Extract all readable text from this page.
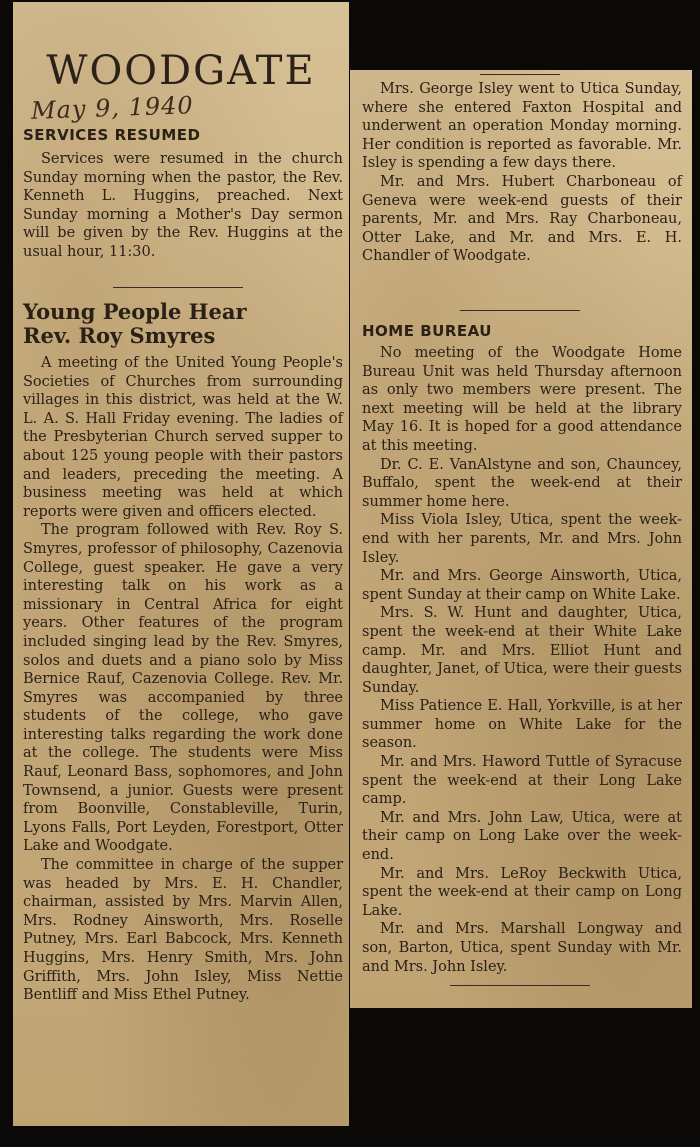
WOODGATE
May 9, 1940
SERVICES RESUMED

Services were resumed in the church Sunday morning when the pastor, the Rev. Kenneth L. Huggins, preached. Next Sunday morning a Mother's Day sermon will be given by the Rev. Huggins at the usual hour, 11:30.

Young People Hear
Rev. Roy Smyres

A meeting of the United Young People's Societies of Churches from surrounding villages in this district, was held at the W. L. A. S. Hall Friday evening. The ladies of the Presbyterian Church served supper to about 125 young people with their pastors and leaders, preceding the meeting. A business meeting was held at which reports were given and officers elected.

The program followed with Rev. Roy S. Smyres, professor of philosophy, Cazenovia College, guest speaker. He gave a very interesting talk on his work as a missionary in Central Africa for eight years. Other features of the program included singing lead by the Rev. Smyres, solos and duets and a piano solo by Miss Bernice Rauf, Cazenovia College. Rev. Mr. Smyres was accompanied by three students of the college, who gave interesting talks regarding the work done at the college. The students were Miss Rauf, Leonard Bass, sophomores, and John Townsend, a junior. Guests were present from Boonville, Constableville, Turin, Lyons Falls, Port Leyden, Forestport, Otter Lake and Woodgate.

The committee in charge of the supper was headed by Mrs. E. H. Chandler, chairman, assisted by Mrs. Marvin Allen, Mrs. Rodney Ainsworth, Mrs. Roselle Putney, Mrs. Earl Babcock, Mrs. Kenneth Huggins, Mrs. Henry Smith, Mrs. John Griffith, Mrs. John Isley, Miss Nettie Bentliff and Miss Ethel Putney.

Mrs. George Isley went to Utica Sunday, where she entered Faxton Hospital and underwent an operation Monday morning. Her condition is reported as favorable. Mr. Isley is spending a few days there.

Mr. and Mrs. Hubert Charboneau of Geneva were week-end guests of their parents, Mr. and Mrs. Ray Charboneau, Otter Lake, and Mr. and Mrs. E. H. Chandler of Woodgate.

HOME BUREAU

No meeting of the Woodgate Home Bureau Unit was held Thursday afternoon as only two members were present. The next meeting will be held at the library May 16. It is hoped for a good attendance at this meeting.

Dr. C. E. VanAlstyne and son, Chauncey, Buffalo, spent the week-end at their summer home here.

Miss Viola Isley, Utica, spent the week-end with her parents, Mr. and Mrs. John Isley.

Mr. and Mrs. George Ainsworth, Utica, spent Sunday at their camp on White Lake.

Mrs. S. W. Hunt and daughter, Utica, spent the week-end at their White Lake camp. Mr. and Mrs. Elliot Hunt and daughter, Janet, of Utica, were their guests Sunday.

Miss Patience E. Hall, Yorkville, is at her summer home on White Lake for the season.

Mr. and Mrs. Haword Tuttle of Syracuse spent the week-end at their Long Lake camp.

Mr. and Mrs. John Law, Utica, were at their camp on Long Lake over the week-end.

Mr. and Mrs. LeRoy Beckwith Utica, spent the week-end at their camp on Long Lake.

Mr. and Mrs. Marshall Longway and son, Barton, Utica, spent Sunday with Mr. and Mrs. John Isley.
